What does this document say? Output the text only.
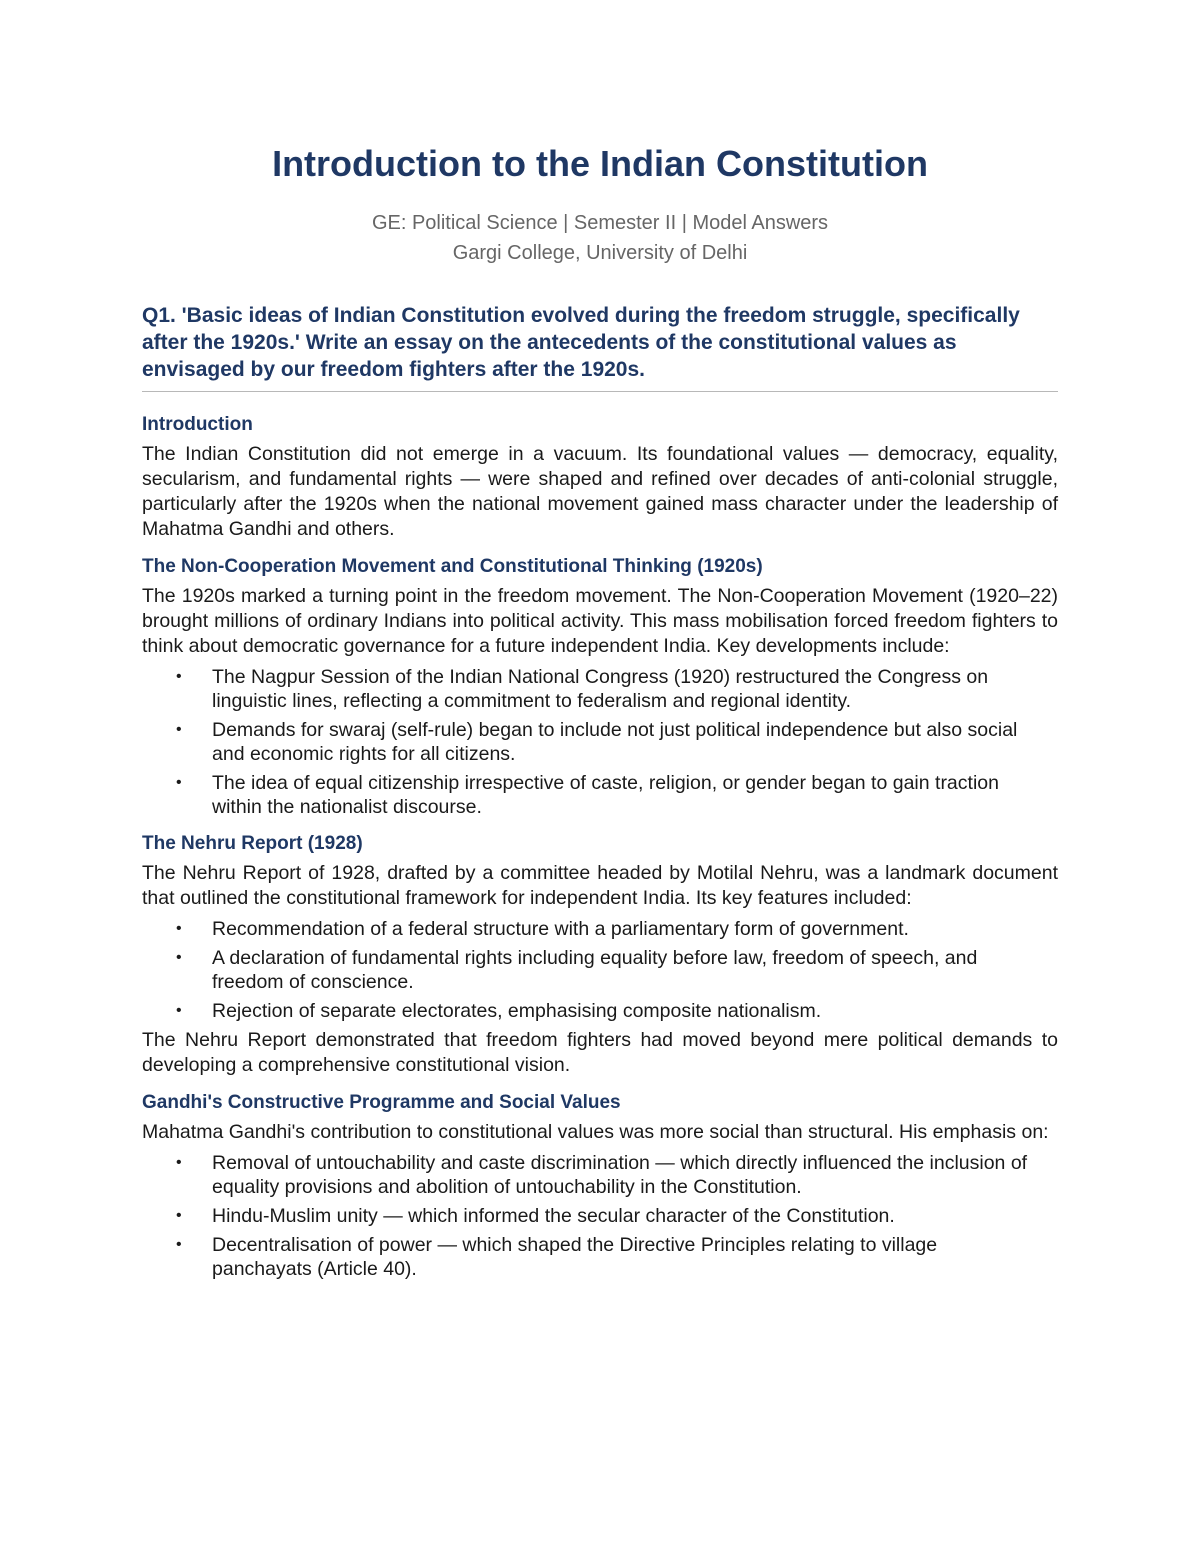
Introduction to the Indian Constitution

GE: Political Science | Semester II | Model Answers

Gargi College, University of Delhi

Q1. 'Basic ideas of Indian Constitution evolved during the freedom struggle, specifically after the 1920s.' Write an essay on the antecedents of the constitutional values as envisaged by our freedom fighters after the 1920s.
Introduction

The Indian Constitution did not emerge in a vacuum. Its foundational values — democracy, equality, secularism, and fundamental rights — were shaped and refined over decades of anti-colonial struggle, particularly after the 1920s when the national movement gained mass character under the leadership of Mahatma Gandhi and others.

The Non-Cooperation Movement and Constitutional Thinking (1920s)

The 1920s marked a turning point in the freedom movement. The Non-Cooperation Movement (1920–22) brought millions of ordinary Indians into political activity. This mass mobilisation forced freedom fighters to think about democratic governance for a future independent India. Key developments include:

• The Nagpur Session of the Indian National Congress (1920) restructured the Congress on linguistic lines, reflecting a commitment to federalism and regional identity.
• Demands for swaraj (self-rule) began to include not just political independence but also social and economic rights for all citizens.
• The idea of equal citizenship irrespective of caste, religion, or gender began to gain traction within the nationalist discourse.
The Nehru Report (1928)

The Nehru Report of 1928, drafted by a committee headed by Motilal Nehru, was a landmark document that outlined the constitutional framework for independent India. Its key features included:

• Recommendation of a federal structure with a parliamentary form of government.
• A declaration of fundamental rights including equality before law, freedom of speech, and freedom of conscience.
• Rejection of separate electorates, emphasising composite nationalism.

The Nehru Report demonstrated that freedom fighters had moved beyond mere political demands to developing a comprehensive constitutional vision.

Gandhi's Constructive Programme and Social Values

Mahatma Gandhi's contribution to constitutional values was more social than structural. His emphasis on:

• Removal of untouchability and caste discrimination — which directly influenced the inclusion of equality provisions and abolition of untouchability in the Constitution.
• Hindu-Muslim unity — which informed the secular character of the Constitution.
• Decentralisation of power — which shaped the Directive Principles relating to village panchayats (Article 40).
